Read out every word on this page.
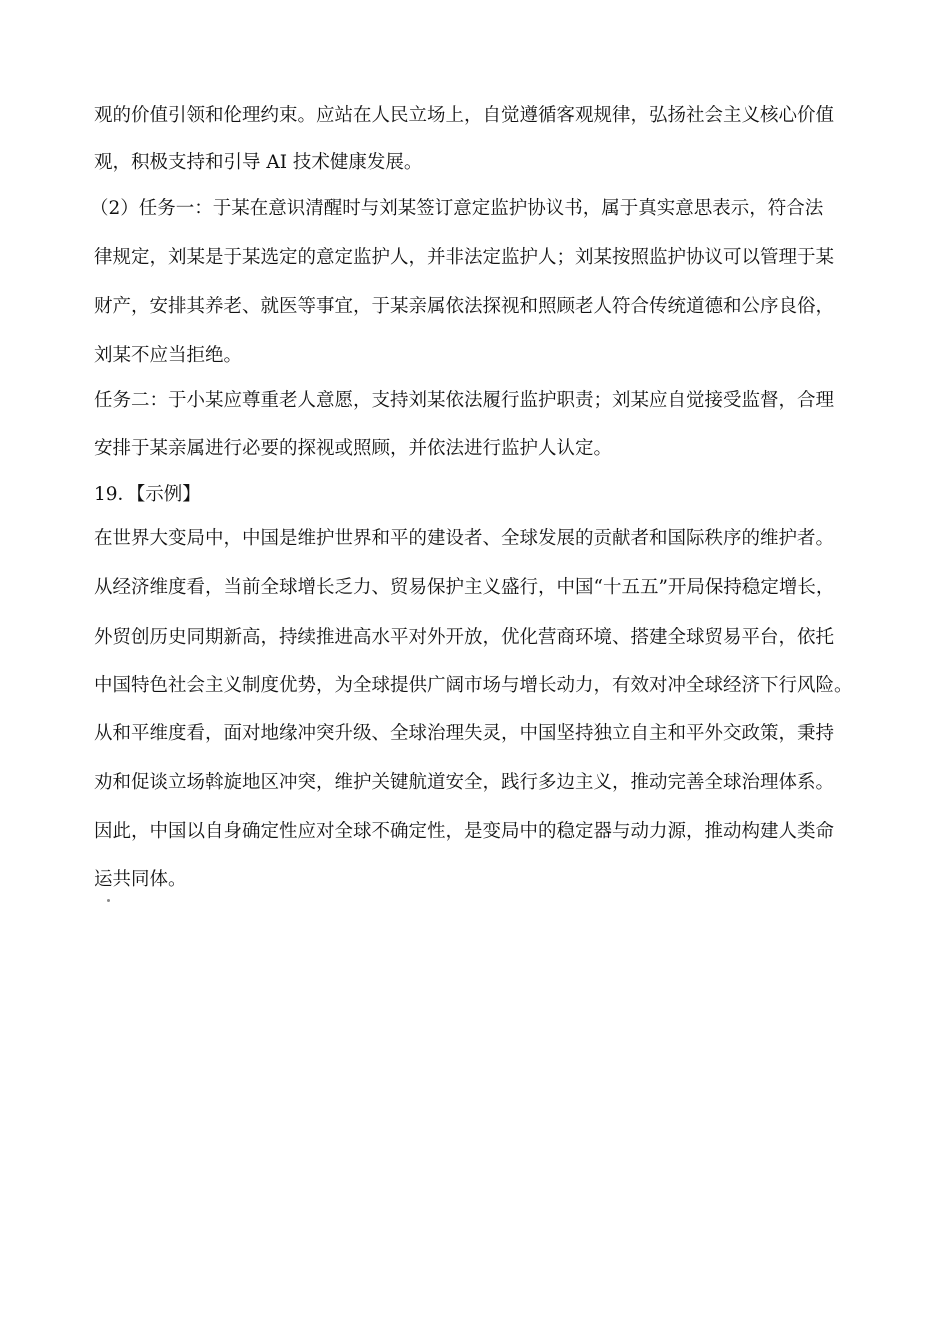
观的价值引领和伦理约束。应站在人民立场上，自觉遵循客观规律，弘扬社会主义核心价值
观，积极支持和引导 AI 技术健康发展。
（2）任务一：于某在意识清醒时与刘某签订意定监护协议书，属于真实意思表示，符合法
律规定，刘某是于某选定的意定监护人，并非法定监护人；刘某按照监护协议可以管理于某
财产，安排其养老、就医等事宜，于某亲属依法探视和照顾老人符合传统道德和公序良俗，
刘某不应当拒绝。
任务二：于小某应尊重老人意愿，支持刘某依法履行监护职责；刘某应自觉接受监督，合理
安排于某亲属进行必要的探视或照顾，并依法进行监护人认定。
19．【示例】
在世界大变局中，中国是维护世界和平的建设者、全球发展的贡献者和国际秩序的维护者。
从经济维度看，当前全球增长乏力、贸易保护主义盛行，中国“十五五”开局保持稳定增长，
外贸创历史同期新高，持续推进高水平对外开放，优化营商环境、搭建全球贸易平台，依托
中国特色社会主义制度优势，为全球提供广阔市场与增长动力，有效对冲全球经济下行风险。
从和平维度看，面对地缘冲突升级、全球治理失灵，中国坚持独立自主和平外交政策，秉持
劝和促谈立场斡旋地区冲突，维护关键航道安全，践行多边主义，推动完善全球治理体系。
因此，中国以自身确定性应对全球不确定性，是变局中的稳定器与动力源，推动构建人类命
运共同体。
